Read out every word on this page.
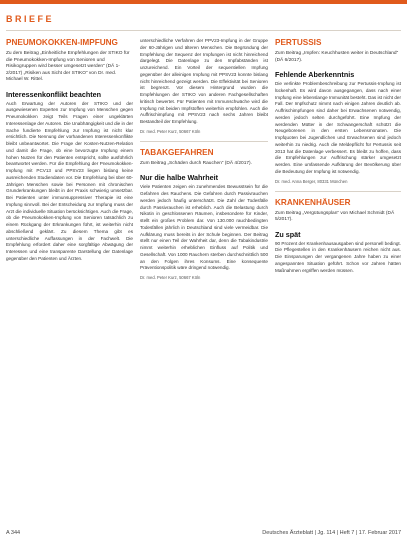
BRIEFE
PNEUMOKOKKEN-IMPFUNG
Zu dem Beitrag „Einheitliche Empfehlungen der STIKO für die Pneumokokken-Impfung von Senioren und Risikogruppen wird besser umgesetzt werden“ (DÄ 1-2/2017) „Risiken aus Sicht der STIKO“ von Dr. med. Michael W. Rittel.
Interessenkonflikt beachten
Auch Erwartung der Autoren der STIKO und der ausgewiesenen Experten zur Impfung von Menschen gegen Pneumokokken zeigt Teils Fragen einer ungeklärten Interessenlage der Autoren. Die Unabhängigkeit und die in der Sache fundierte Empfehlung zur Impfung ist nicht klar ersichtlich. Die Nennung der vorhandenen Interessenkonflikte bleibt unbeantwortet. Die Frage der Kosten-Nutzen-Relation und damit die Frage, ob eine bevorzugte Impfung einem hohen Nutzen für den Patienten entspricht, sollte ausführlich beantwortet werden. Für die Empfehlung der Pneumokokken-Impfung mit PCV13 und PPSV23 liegen bislang keine ausreichenden Studiendaten vor. Die Empfehlung bei über 60-Jährigen Menschen sowie bei Personen mit chronischen Grunderkrankungen bleibt in der Praxis schwierig umsetzbar. Bei Patienten unter immunsuppressiver Therapie ist eine Impfung sinnvoll. Bei der Entscheidung zur Impfung muss der Arzt die individuelle Situation berücksichtigen. Auch die Frage, ob die Pneumokokken-Impfung von Senioren tatsächlich zu einem Rückgang der Erkrankungen führt, ist weiterhin nicht abschließend geklärt. Zu diesem Thema gibt es unterschiedliche Auffassungen in der Fachwelt. Die Empfehlung erfordert daher eine sorgfältige Abwägung der Interessen und eine transparente Darstellung der Datenlage gegenüber den Patienten und Ärzten.
unterschiedliche Verfahren der PPV23-Impfung in der Gruppe der 60-Jährigen und älteren Menschen. Die Begründung der Empfehlung der Sequenz der Impfungen ist nicht hinreichend dargelegt. Die Datenlage zu den Impfabständen ist unzureichend. Ein Vorteil der sequentiellen Impfung gegenüber der alleinigen Impfung mit PPSV23 konnte bislang nicht hinreichend gezeigt werden. Die Effektivität bei Senioren ist begrenzt. Vor diesem Hintergrund wurden die Empfehlungen der STIKO von anderen Fachgesellschaften kritisch bewertet. Für Patienten mit Immunschwäche wird die Impfung mit beiden Impfstoffen weiterhin empfohlen. Auch die Auffrischimpfung mit PPSV23 nach sechs Jahren bleibt Bestandteil der Empfehlung.
Dr. med. Peter Kurz, 50667 Köln
TABAKGEFAHREN
Zum Beitrag „Schäden durch Rauchen“ (DÄ 4/2017).
Nur die halbe Wahrheit
Viele Patienten zeigen ein zunehmendes Bewusstsein für die Gefahren des Rauchens. Die Gefahren durch Passivrauchen werden jedoch häufig unterschätzt. Die Zahl der Todesfälle durch Passivrauchen ist erheblich. Auch die Belastung durch Nikotin in geschlossenen Räumen, insbesondere für Kinder, stellt ein großes Problem dar. Von 130.000 rauchbedingten Todesfällen jährlich in Deutschland sind viele vermeidbar. Die Aufklärung muss bereits in der Schule beginnen. Der Beitrag stellt nur einen Teil der Wahrheit dar, denn die Tabakindustrie nimmt weiterhin erheblichen Einfluss auf Politik und Gesellschaft. Von 1000 Rauchern sterben durchschnittlich 500 an den Folgen ihres Konsums. Eine konsequente Präventionspolitik wäre dringend notwendig.
Dr. med. Peter Kurz, 50667 Köln
PERTUSSIS
Zum Beitrag „Impfen: Keuchhusten weiter in Deutschland“ (DÄ 6/2017).
Fehlende Aberkenntnis
Die verlinkte Problembeschreibung zur Pertussis-Impfung ist lückenhaft. Es wird davon ausgegangen, dass nach einer Impfung eine lebenslange Immunität besteht. Das ist nicht der Fall. Der Impfschutz nimmt nach einigen Jahren deutlich ab. Auffrischimpfungen sind daher bei Erwachsenen notwendig, werden jedoch selten durchgeführt. Eine Impfung der werdenden Mütter in der Schwangerschaft schützt die Neugeborenen in den ersten Lebensmonaten. Die Impfquoten bei Jugendlichen und Erwachsenen sind jedoch weiterhin zu niedrig. Auch die Meldepflicht für Pertussis seit 2013 hat die Datenlage verbessert. Es bleibt zu hoffen, dass die Empfehlungen zur Auffrischung stärker umgesetzt werden. Eine umfassende Aufklärung der Bevölkerung über die Bedeutung der Impfung ist notwendig.
Dr. med. Anna Berger, 80331 München
KRANKENHÄUSER
Zum Beitrag „Vergütungsplan“ von Michael Schmidt (DÄ 5/2017).
Zu spät
90 Prozent der Krankenhausausgaben sind personell bedingt. Die Pflegestellen in den Krankenhäusern reichen nicht aus. Die Einsparungen der vergangenen Jahre haben zu einer angespannten Situation geführt. Schon vor Jahren hätten Maßnahmen ergriffen werden müssen.
A 344	Deutsches Ärzteblatt | Jg. 114 | Heft 7 | 17. Februar 2017
